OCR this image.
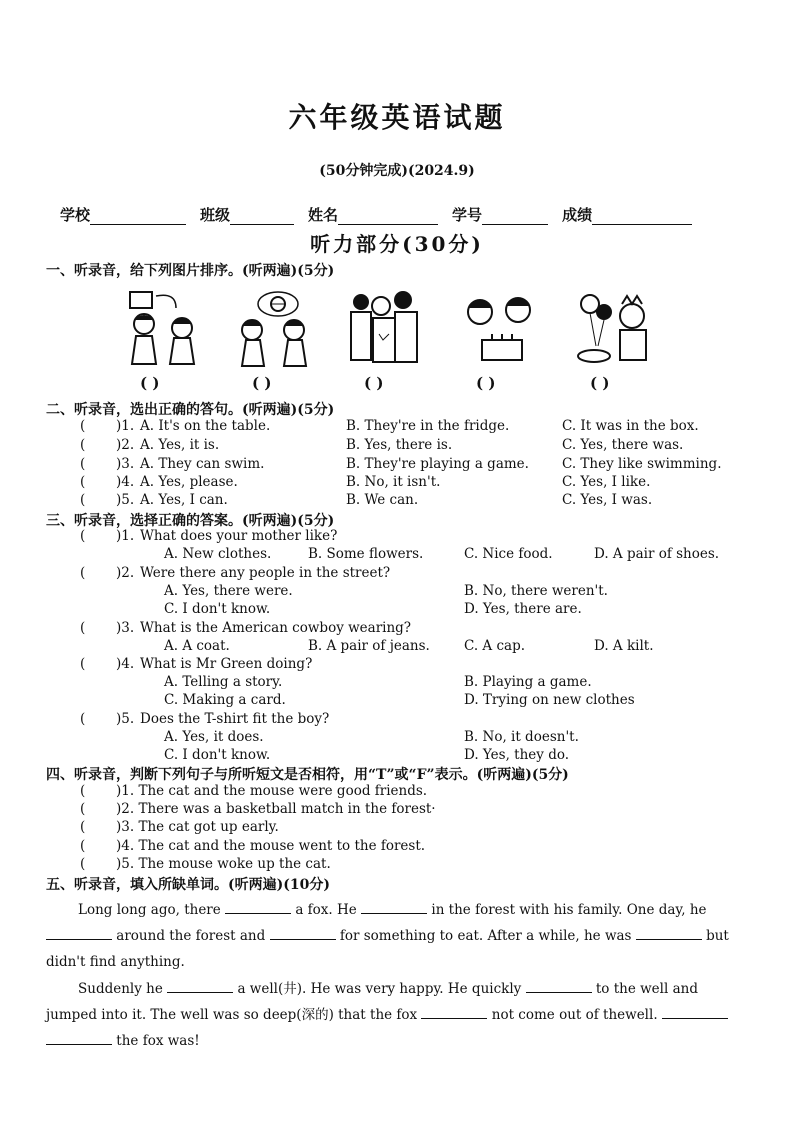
六年级英语试题
(50分钟完成)(2024.9)
学校	班级	姓名	学号	成绩
听力部分(30分)
一、听录音，给下列图片排序。(听两遍)(5分)
( )	( )	( )	( )	( )
二、听录音，选出正确的答句。(听两遍)(5分)
( )1. A. It's on the table.	B. They're in the fridge.	C. It was in the box.
( )2. A. Yes, it is.	B. Yes, there is.	C. Yes, there was.
( )3. A. They can swim.	B. They're playing a game. C. They like swimming.
( )4. A. Yes, please.	B. No, it isn't.	C. Yes, I like.
( )5. A. Yes, I can.	B. We can.	C. Yes, I was.
三、听录音，选择正确的答案。(听两遍)(5分)
( )1. What does your mother like?
A. New clothes.	B. Some flowers.	C. Nice food.	D. A pair of shoes.
( )2. Were there any people in the street?
A. Yes, there were.	B. No, there weren't.
C. I don't know.	D. Yes, there are.
( )3. What is the American cowboy wearing?
A. A coat.	B. A pair of jeans.	C. A cap.	D. A kilt.
( )4. What is Mr Green doing?
A. Telling a story.	B. Playing a game.
C. Making a card.	D. Trying on new clothes
( )5. Does the T-shirt fit the boy?
A. Yes, it does.	B. No, it doesn't.
C. I don't know.	D. Yes, they do.
四、听录音，判断下列句子与所听短文是否相符，用“T”或“F”表示。(听两遍)(5分)
( )1. The cat and the mouse were good friends.
( )2. There was a basketball match in the forest·
( )3. The cat got up early.
( )4. The cat and the mouse went to the forest.
( )5. The mouse woke up the cat.
五、听录音，填入所缺单词。(听两遍)(10分)
Long long ago, there	a fox. He	in the forest with his family. One day, he  around the forest and	for something to eat. After a while, he was	but didn't find anything.
Suddenly he	a well(井). He was very happy. He quickly	to the well and jumped into it. The well was so deep(深的) that the fox	not come out of thewell.   the fox was!
